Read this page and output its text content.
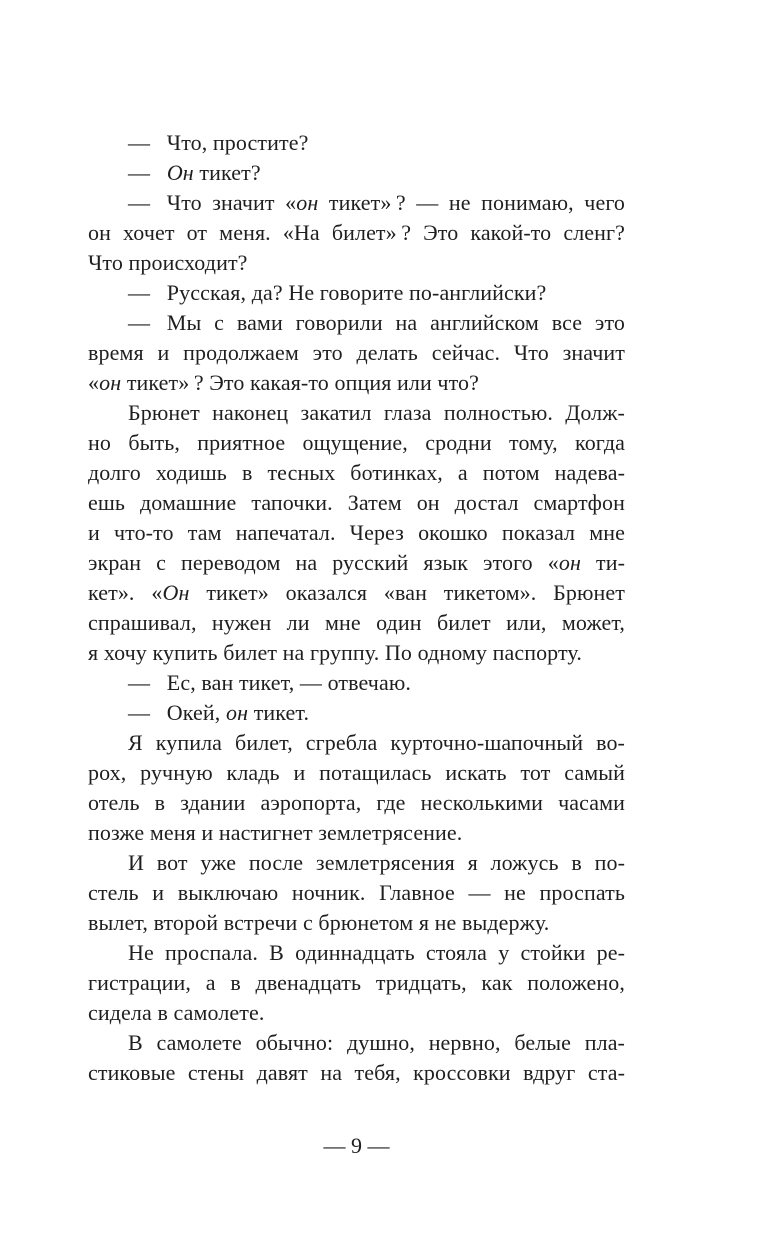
—  Что, простите?
—  Он тикет?
—  Что значит «он тикет» ? — не понимаю, чего
он хочет от меня. «На билет» ? Это какой-то сленг?
Что происходит?
—  Русская, да? Не говорите по-английски?
—  Мы с вами говорили на английском все это
время и продолжаем это делать сейчас. Что значит
«он тикет» ? Это какая-то опция или что?
Брюнет наконец закатил глаза полностью. Долж-
но быть, приятное ощущение, сродни тому, когда
долго ходишь в тесных ботинках, а потом надева-
ешь домашние тапочки. Затем он достал смартфон
и что-то там напечатал. Через окошко показал мне
экран с переводом на русский язык этого «он ти-
кет». «Он тикет» оказался «ван тикетом». Брюнет
спрашивал, нужен ли мне один билет или, может,
я хочу купить билет на группу. По одному паспорту.
—  Ес, ван тикет, — отвечаю.
—  Окей, он тикет.
Я купила билет, сгребла курточно-шапочный во-
рох, ручную кладь и потащилась искать тот самый
отель в здании аэропорта, где несколькими часами
позже меня и настигнет землетрясение.
И вот уже после землетрясения я ложусь в по-
стель и выключаю ночник. Главное — не проспать
вылет, второй встречи с брюнетом я не выдержу.
Не проспала. В одиннадцать стояла у стойки ре-
гистрации, а в двенадцать тридцать, как положено,
сидела в самолете.
В самолете обычно: душно, нервно, белые пла-
стиковые стены давят на тебя, кроссовки вдруг ста-
— 9 —
